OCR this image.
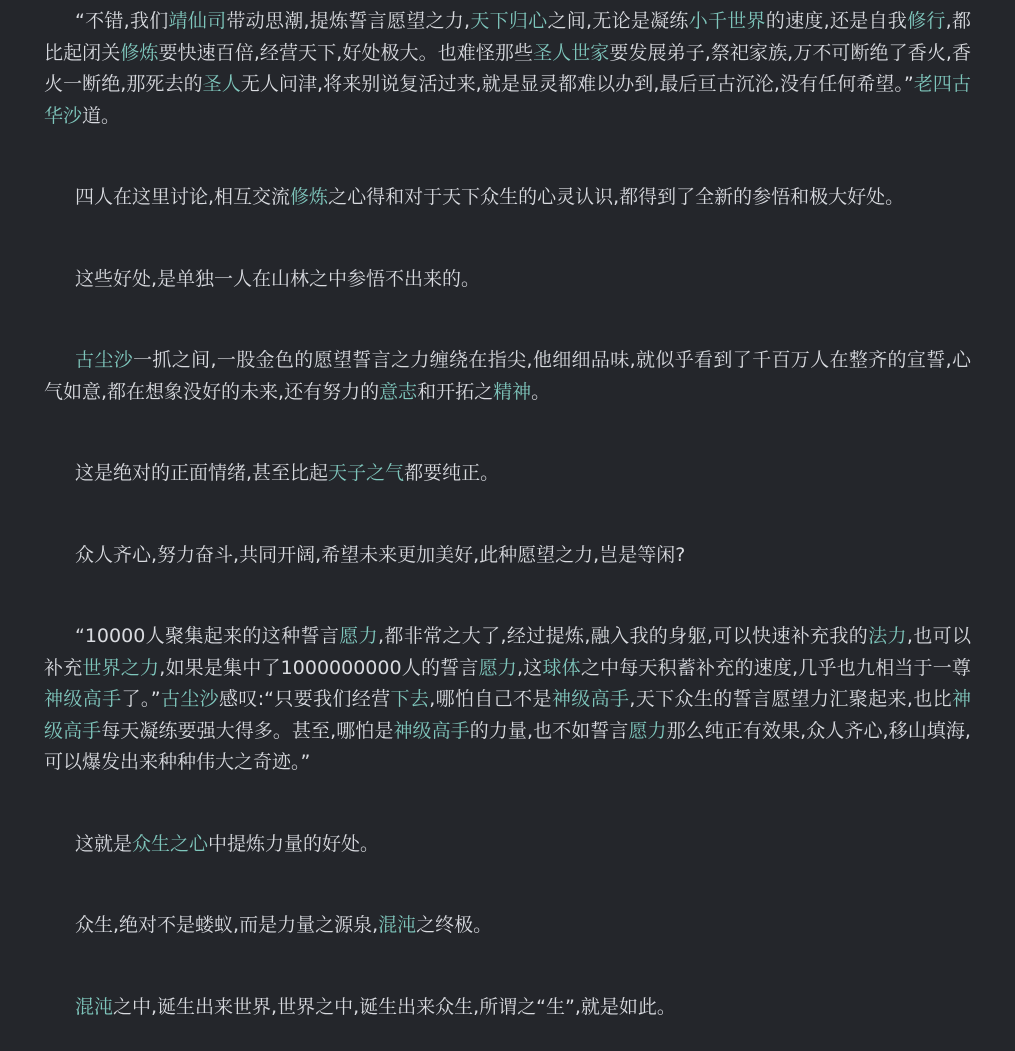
“不错,我们靖仙司带动思潮,提炼誓言愿望之力,天下归心之间,无论是凝练小千世界的速度,还是自我修行,都比起闭关修炼要快速百倍,经营天下,好处极大。也难怪那些圣人世家要发展弟子,祭祀家族,万不可断绝了香火,香火一断绝,那死去的圣人无人问津,将来别说复活过来,就是显灵都难以办到,最后亘古沉沦,没有任何希望。”老四古华沙道。

四人在这里讨论,相互交流修炼之心得和对于天下众生的心灵认识,都得到了全新的参悟和极大好处。

这些好处,是单独一人在山林之中参悟不出来的。

古尘沙一抓之间,一股金色的愿望誓言之力缠绕在指尖,他细细品味,就似乎看到了千百万人在整齐的宣誓,心气如意,都在想象没好的未来,还有努力的意志和开拓之精神。

这是绝对的正面情绪,甚至比起天子之气都要纯正。

众人齐心,努力奋斗,共同开阔,希望未来更加美好,此种愿望之力,岂是等闲?

“10000人聚集起来的这种誓言愿力,都非常之大了,经过提炼,融入我的身躯,可以快速补充我的法力,也可以补充世界之力,如果是集中了1000000000人的誓言愿力,这球体之中每天积蓄补充的速度,几乎也九相当于一尊神级高手了。”古尘沙感叹:“只要我们经营下去,哪怕自己不是神级高手,天下众生的誓言愿望力汇聚起来,也比神级高手每天凝练要强大得多。甚至,哪怕是神级高手的力量,也不如誓言愿力那么纯正有效果,众人齐心,移山填海,可以爆发出来种种伟大之奇迹。”

这就是众生之心中提炼力量的好处。

众生,绝对不是蝼蚁,而是力量之源泉,混沌之终极。

混沌之中,诞生出来世界,世界之中,诞生出来众生,所谓之“生”,就是如此。
